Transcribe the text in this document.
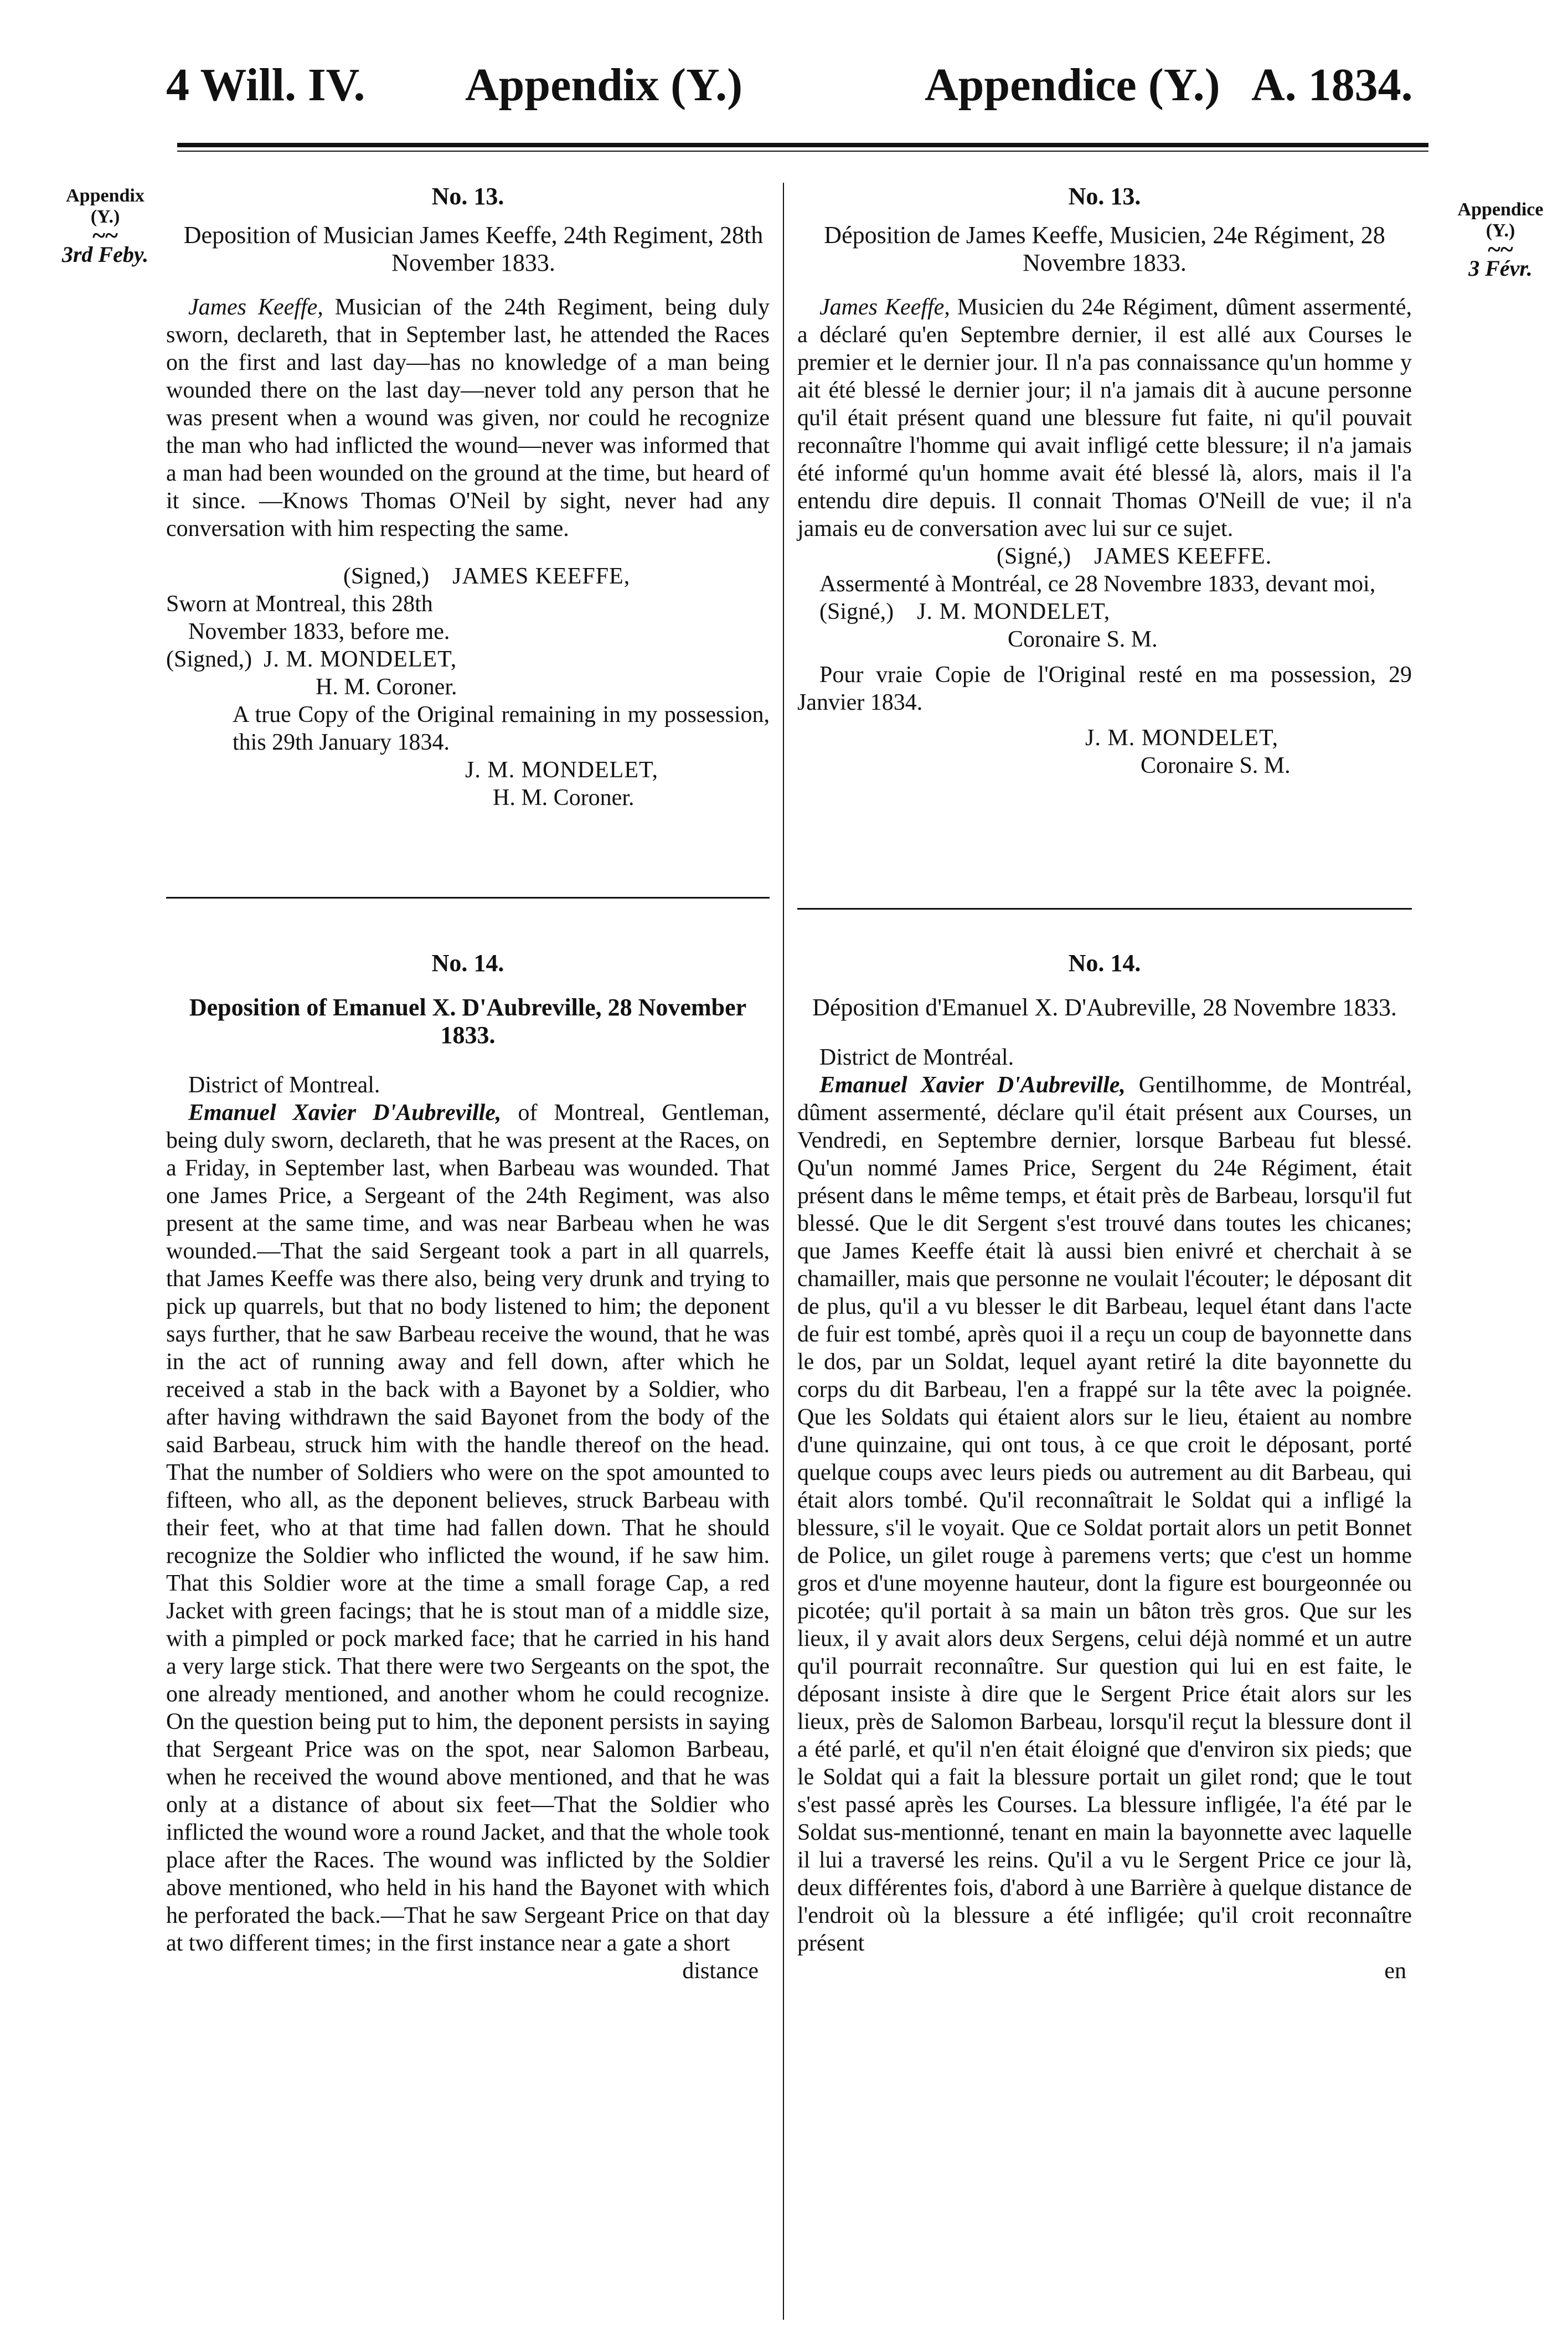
4 Will. IV. Appendix (Y.)	Appendice (Y.) A. 1834.
Appendix
(Y.)
~~
3rd Feby.
Appendice
(Y.)
~~
3 Févr.
No. 13.
Deposition of Musician James Keeffe, 24th Regiment, 28th November 1833.

James Keeffe, Musician of the 24th Regiment, being duly sworn, declareth, that in September last, he attended the Races on the first and last day—has no knowledge of a man being wounded there on the last day—never told any person that he was present when a wound was given, nor could he recognize the man who had inflicted the wound—never was informed that a man had been wounded on the ground at the time, but heard of it since. —Knows Thomas O'Neil by sight, never had any conversation with him respecting the same.

(Signed,) JAMES KEEFFE,
Sworn at Montreal, this 28th
November 1833, before me.
(Signed,) J. M. MONDELET,
H. M. Coroner.

A true Copy of the Original remaining in my possession, this 29th January 1834.

J. M. MONDELET,
H. M. Coroner.
No. 13.
Déposition de James Keeffe, Musicien, 24e Régiment, 28 Novembre 1833.

James Keeffe, Musicien du 24e Régiment, dûment assermenté, a déclaré qu'en Septembre dernier, il est allé aux Courses le premier et le dernier jour. Il n'a pas connaissance qu'un homme y ait été blessé le dernier jour; il n'a jamais dit à aucune personne qu'il était présent quand une blessure fut faite, ni qu'il pouvait reconnaître l'homme qui avait infligé cette blessure; il n'a jamais été informé qu'un homme avait été blessé là, alors, mais il l'a entendu dire depuis. Il connait Thomas O'Neill de vue; il n'a jamais eu de conversation avec lui sur ce sujet.

(Signé,) JAMES KEEFFE.

Assermenté à Montréal, ce 28 Novembre 1833, devant moi,

(Signé,) J. M. MONDELET,
Coronaire S. M.

Pour vraie Copie de l'Original resté en ma possession, 29 Janvier 1834.

J. M. MONDELET,
Coronaire S. M.
No. 14.
Deposition of Emanuel X. D'Aubreville, 28 November 1833.
District of Montreal.

Emanuel Xavier D'Aubreville, of Montreal, Gentleman, being duly sworn, declareth, that he was present at the Races, on a Friday, in September last, when Barbeau was wounded. That one James Price, a Sergeant of the 24th Regiment, was also present at the same time, and was near Barbeau when he was wounded.—That the said Sergeant took a part in all quarrels, that James Keeffe was there also, being very drunk and trying to pick up quarrels, but that no body listened to him; the deponent says further, that he saw Barbeau receive the wound, that he was in the act of running away and fell down, after which he received a stab in the back with a Bayonet by a Soldier, who after having withdrawn the said Bayonet from the body of the said Barbeau, struck him with the handle thereof on the head. That the number of Soldiers who were on the spot amounted to fifteen, who all, as the deponent believes, struck Barbeau with their feet, who at that time had fallen down. That he should recognize the Soldier who inflicted the wound, if he saw him. That this Soldier wore at the time a small forage Cap, a red Jacket with green facings; that he is stout man of a middle size, with a pimpled or pock marked face; that he carried in his hand a very large stick. That there were two Sergeants on the spot, the one already mentioned, and another whom he could recognize. On the question being put to him, the deponent persists in saying that Sergeant Price was on the spot, near Salomon Barbeau, when he received the wound above mentioned, and that he was only at a distance of about six feet—That the Soldier who inflicted the wound wore a round Jacket, and that the whole took place after the Races. The wound was inflicted by the Soldier above mentioned, who held in his hand the Bayonet with which he perforated the back.—That he saw Sergeant Price on that day at two different times; in the first instance near a gate a short

distance
No. 14.
Déposition d'Emanuel X. D'Aubreville, 28 Novembre 1833.
District de Montréal.

Emanuel Xavier D'Aubreville, Gentilhomme, de Montréal, dûment assermenté, déclare qu'il était présent aux Courses, un Vendredi, en Septembre dernier, lorsque Barbeau fut blessé. Qu'un nommé James Price, Sergent du 24e Régiment, était présent dans le même temps, et était près de Barbeau, lorsqu'il fut blessé. Que le dit Sergent s'est trouvé dans toutes les chicanes; que James Keeffe était là aussi bien enivré et cherchait à se chamailler, mais que personne ne voulait l'écouter; le déposant dit de plus, qu'il a vu blesser le dit Barbeau, lequel étant dans l'acte de fuir est tombé, après quoi il a reçu un coup de bayonnette dans le dos, par un Soldat, lequel ayant retiré la dite bayonnette du corps du dit Barbeau, l'en a frappé sur la tête avec la poignée. Que les Soldats qui étaient alors sur le lieu, étaient au nombre d'une quinzaine, qui ont tous, à ce que croit le déposant, porté quelque coups avec leurs pieds ou autrement au dit Barbeau, qui était alors tombé. Qu'il reconnaîtrait le Soldat qui a infligé la blessure, s'il le voyait. Que ce Soldat portait alors un petit Bonnet de Police, un gilet rouge à paremens verts; que c'est un homme gros et d'une moyenne hauteur, dont la figure est bourgeonnée ou picotée; qu'il portait à sa main un bâton très gros. Que sur les lieux, il y avait alors deux Sergens, celui déjà nommé et un autre qu'il pourrait reconnaître. Sur question qui lui en est faite, le déposant insiste à dire que le Sergent Price était alors sur les lieux, près de Salomon Barbeau, lorsqu'il reçut la blessure dont il a été parlé, et qu'il n'en était éloigné que d'environ six pieds; que le Soldat qui a fait la blessure portait un gilet rond; que le tout s'est passé après les Courses. La blessure infligée, l'a été par le Soldat sus-mentionné, tenant en main la bayonnette avec laquelle il lui a traversé les reins. Qu'il a vu le Sergent Price ce jour là, deux différentes fois, d'abord à une Barrière à quelque distance de l'endroit où la blessure a été infligée; qu'il croit reconnaître présent

en
